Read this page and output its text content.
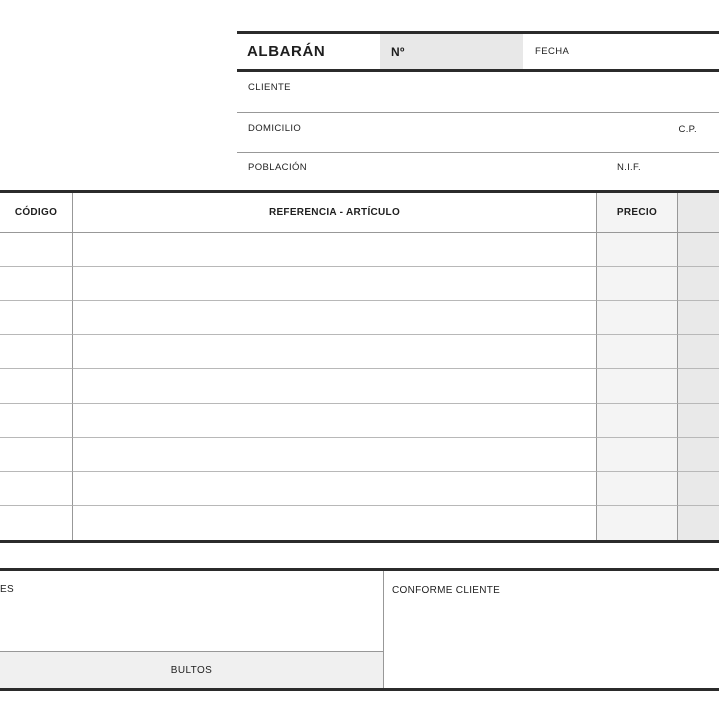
ALBARÁN	Nº	FECHA
CLIENTE
DOMICILIO	C.P.
POBLACIÓN	N.I.F.
CÓDIGO	REFERENCIA - ARTÍCULO	PRECIO
ES
BULTOS
CONFORME CLIENTE
